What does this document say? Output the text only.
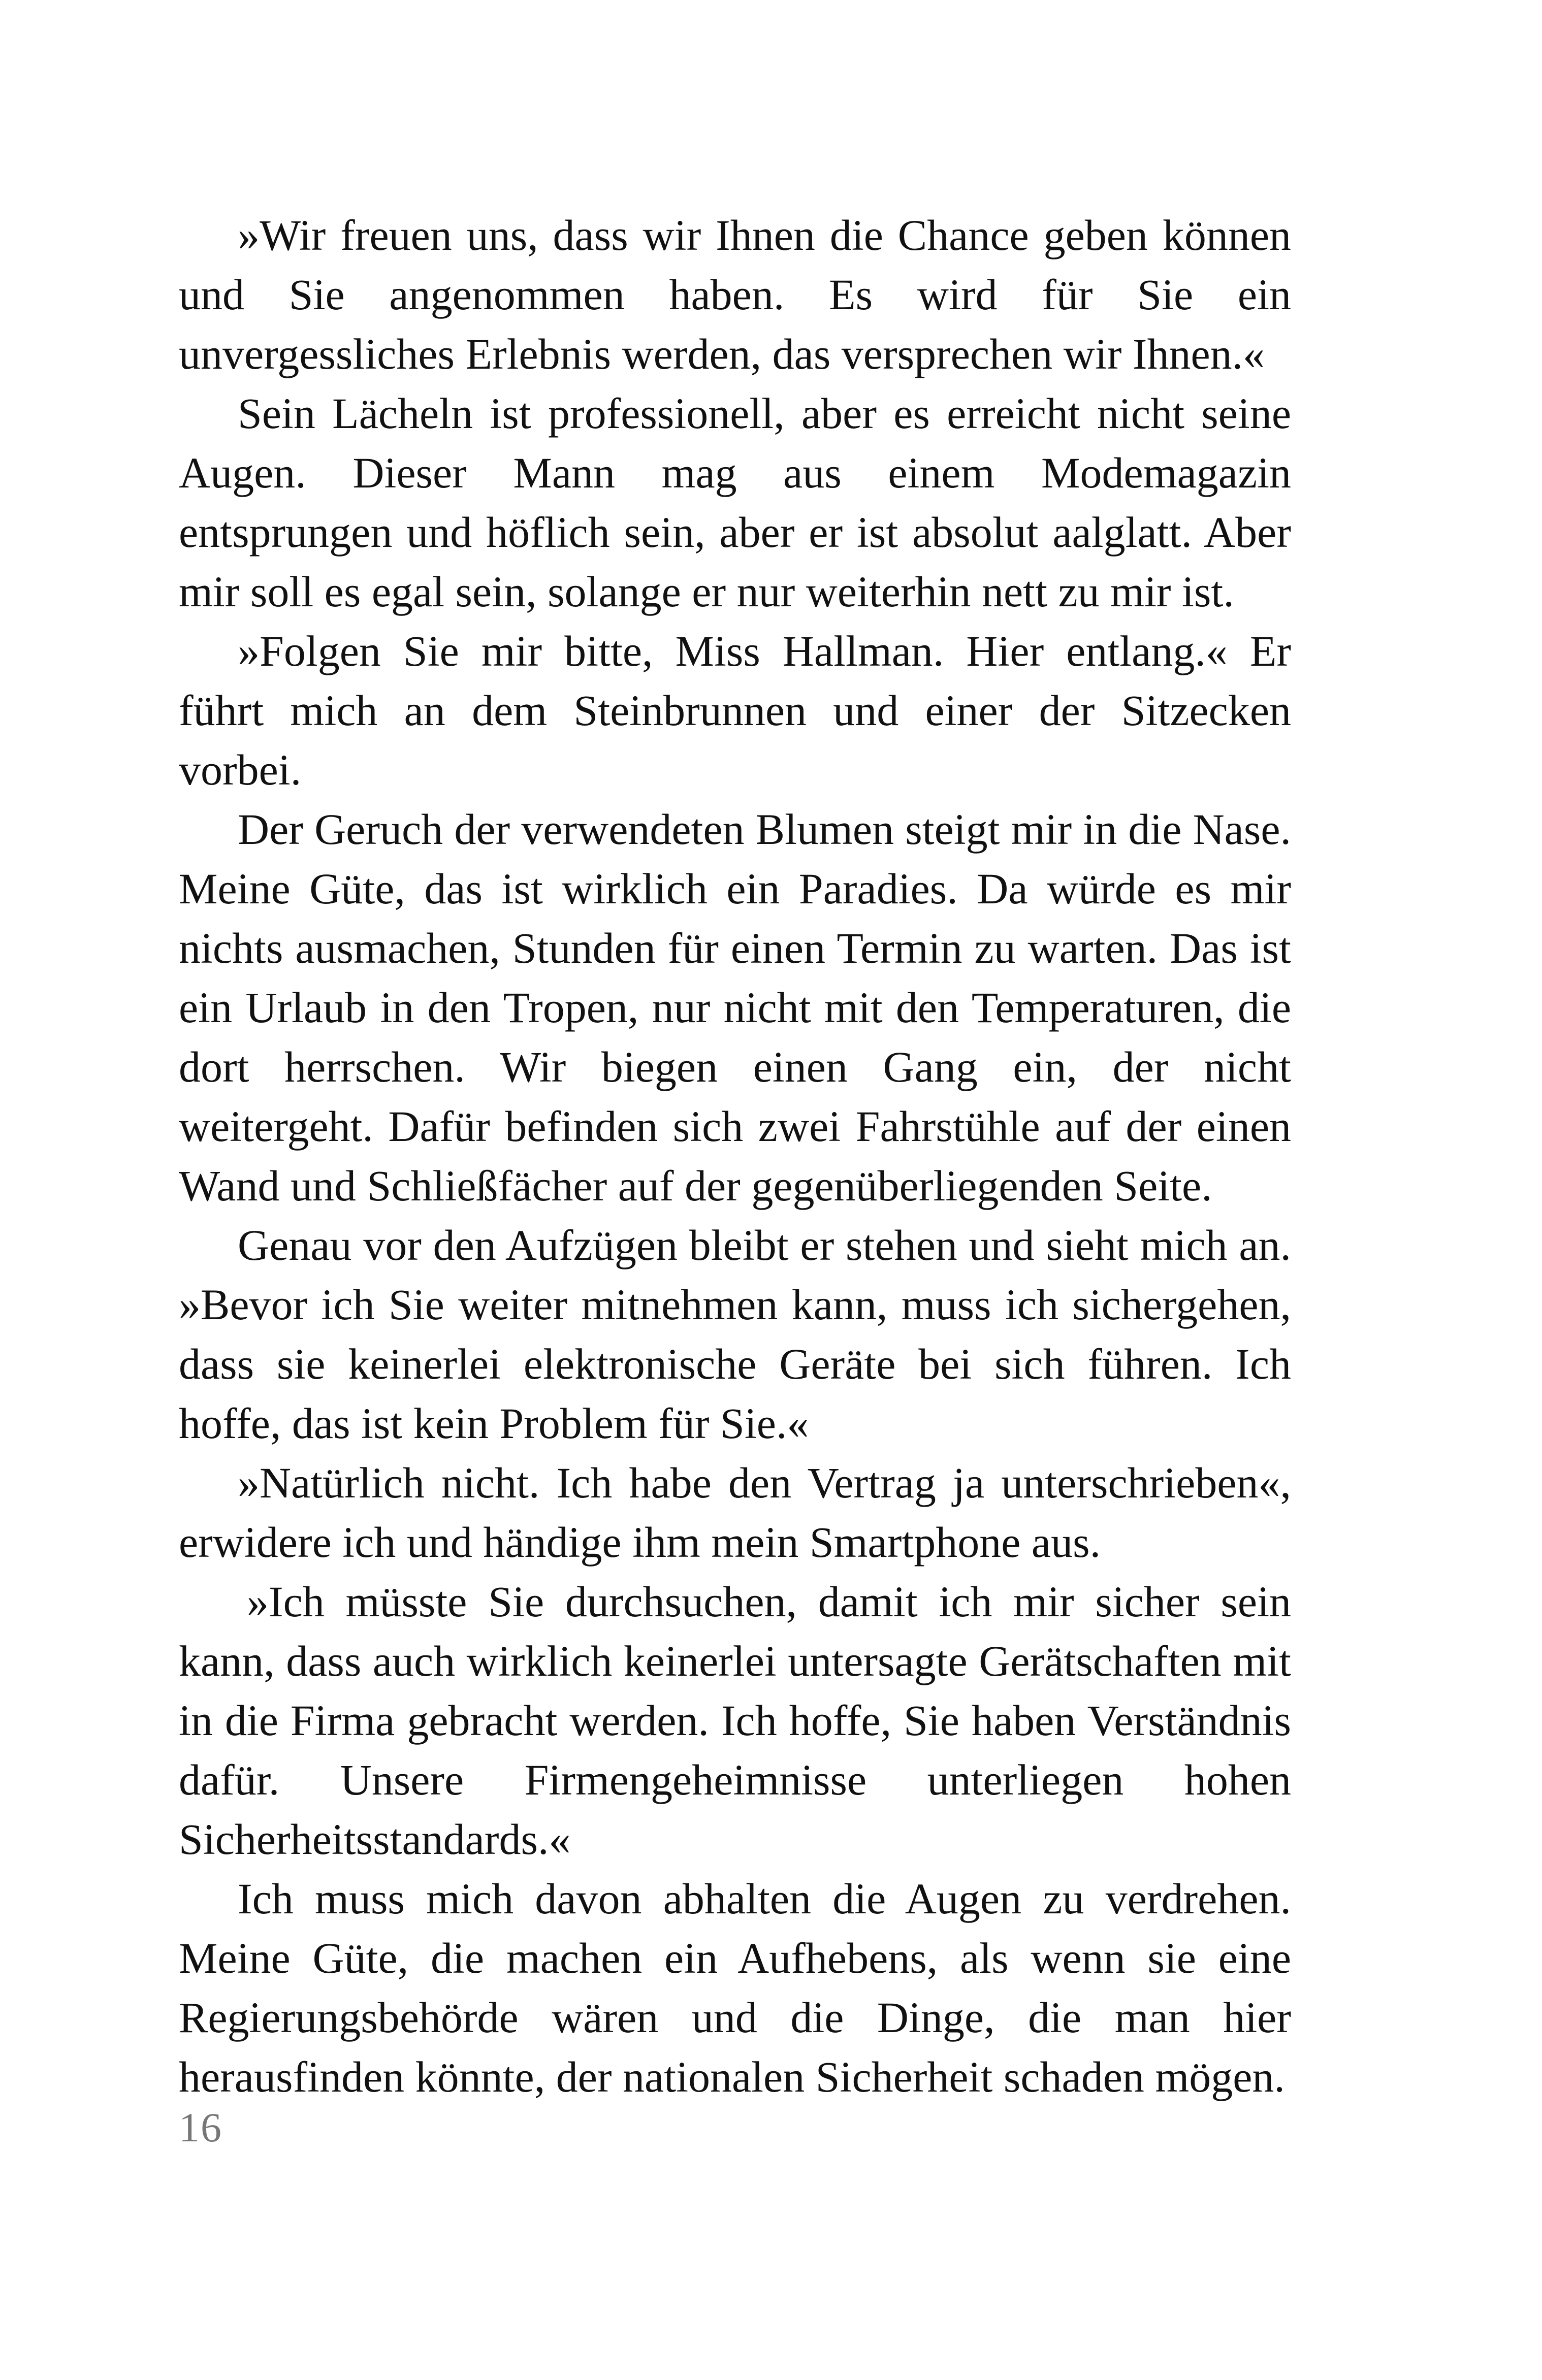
»Wir freuen uns, dass wir Ihnen die Chance geben können und Sie angenommen haben. Es wird für Sie ein unvergessliches Erlebnis werden, das versprechen wir Ihnen.«

Sein Lächeln ist professionell, aber es erreicht nicht seine Augen. Dieser Mann mag aus einem Modemagazin entsprungen und höflich sein, aber er ist absolut aalglatt. Aber mir soll es egal sein, solange er nur weiterhin nett zu mir ist.

»Folgen Sie mir bitte, Miss Hallman. Hier entlang.« Er führt mich an dem Steinbrunnen und einer der Sitzecken vorbei.

Der Geruch der verwendeten Blumen steigt mir in die Nase. Meine Güte, das ist wirklich ein Paradies. Da würde es mir nichts ausmachen, Stunden für einen Termin zu warten. Das ist ein Urlaub in den Tropen, nur nicht mit den Temperaturen, die dort herrschen. Wir biegen einen Gang ein, der nicht weitergeht. Dafür befinden sich zwei Fahrstühle auf der einen Wand und Schließfächer auf der gegenüberliegenden Seite.

Genau vor den Aufzügen bleibt er stehen und sieht mich an. »Bevor ich Sie weiter mitnehmen kann, muss ich sichergehen, dass sie keinerlei elektronische Geräte bei sich führen. Ich hoffe, das ist kein Problem für Sie.«

»Natürlich nicht. Ich habe den Vertrag ja unterschrieben«, erwidere ich und händige ihm mein Smartphone aus.

»Ich müsste Sie durchsuchen, damit ich mir sicher sein kann, dass auch wirklich keinerlei untersagte Gerätschaften mit in die Firma gebracht werden. Ich hoffe, Sie haben Verständnis dafür. Unsere Firmengeheimnisse unterliegen hohen Sicherheitsstandards.«

Ich muss mich davon abhalten die Augen zu verdrehen. Meine Güte, die machen ein Aufhebens, als wenn sie eine Regierungsbehörde wären und die Dinge, die man hier herausfinden könnte, der nationalen Sicherheit schaden mögen.

16
